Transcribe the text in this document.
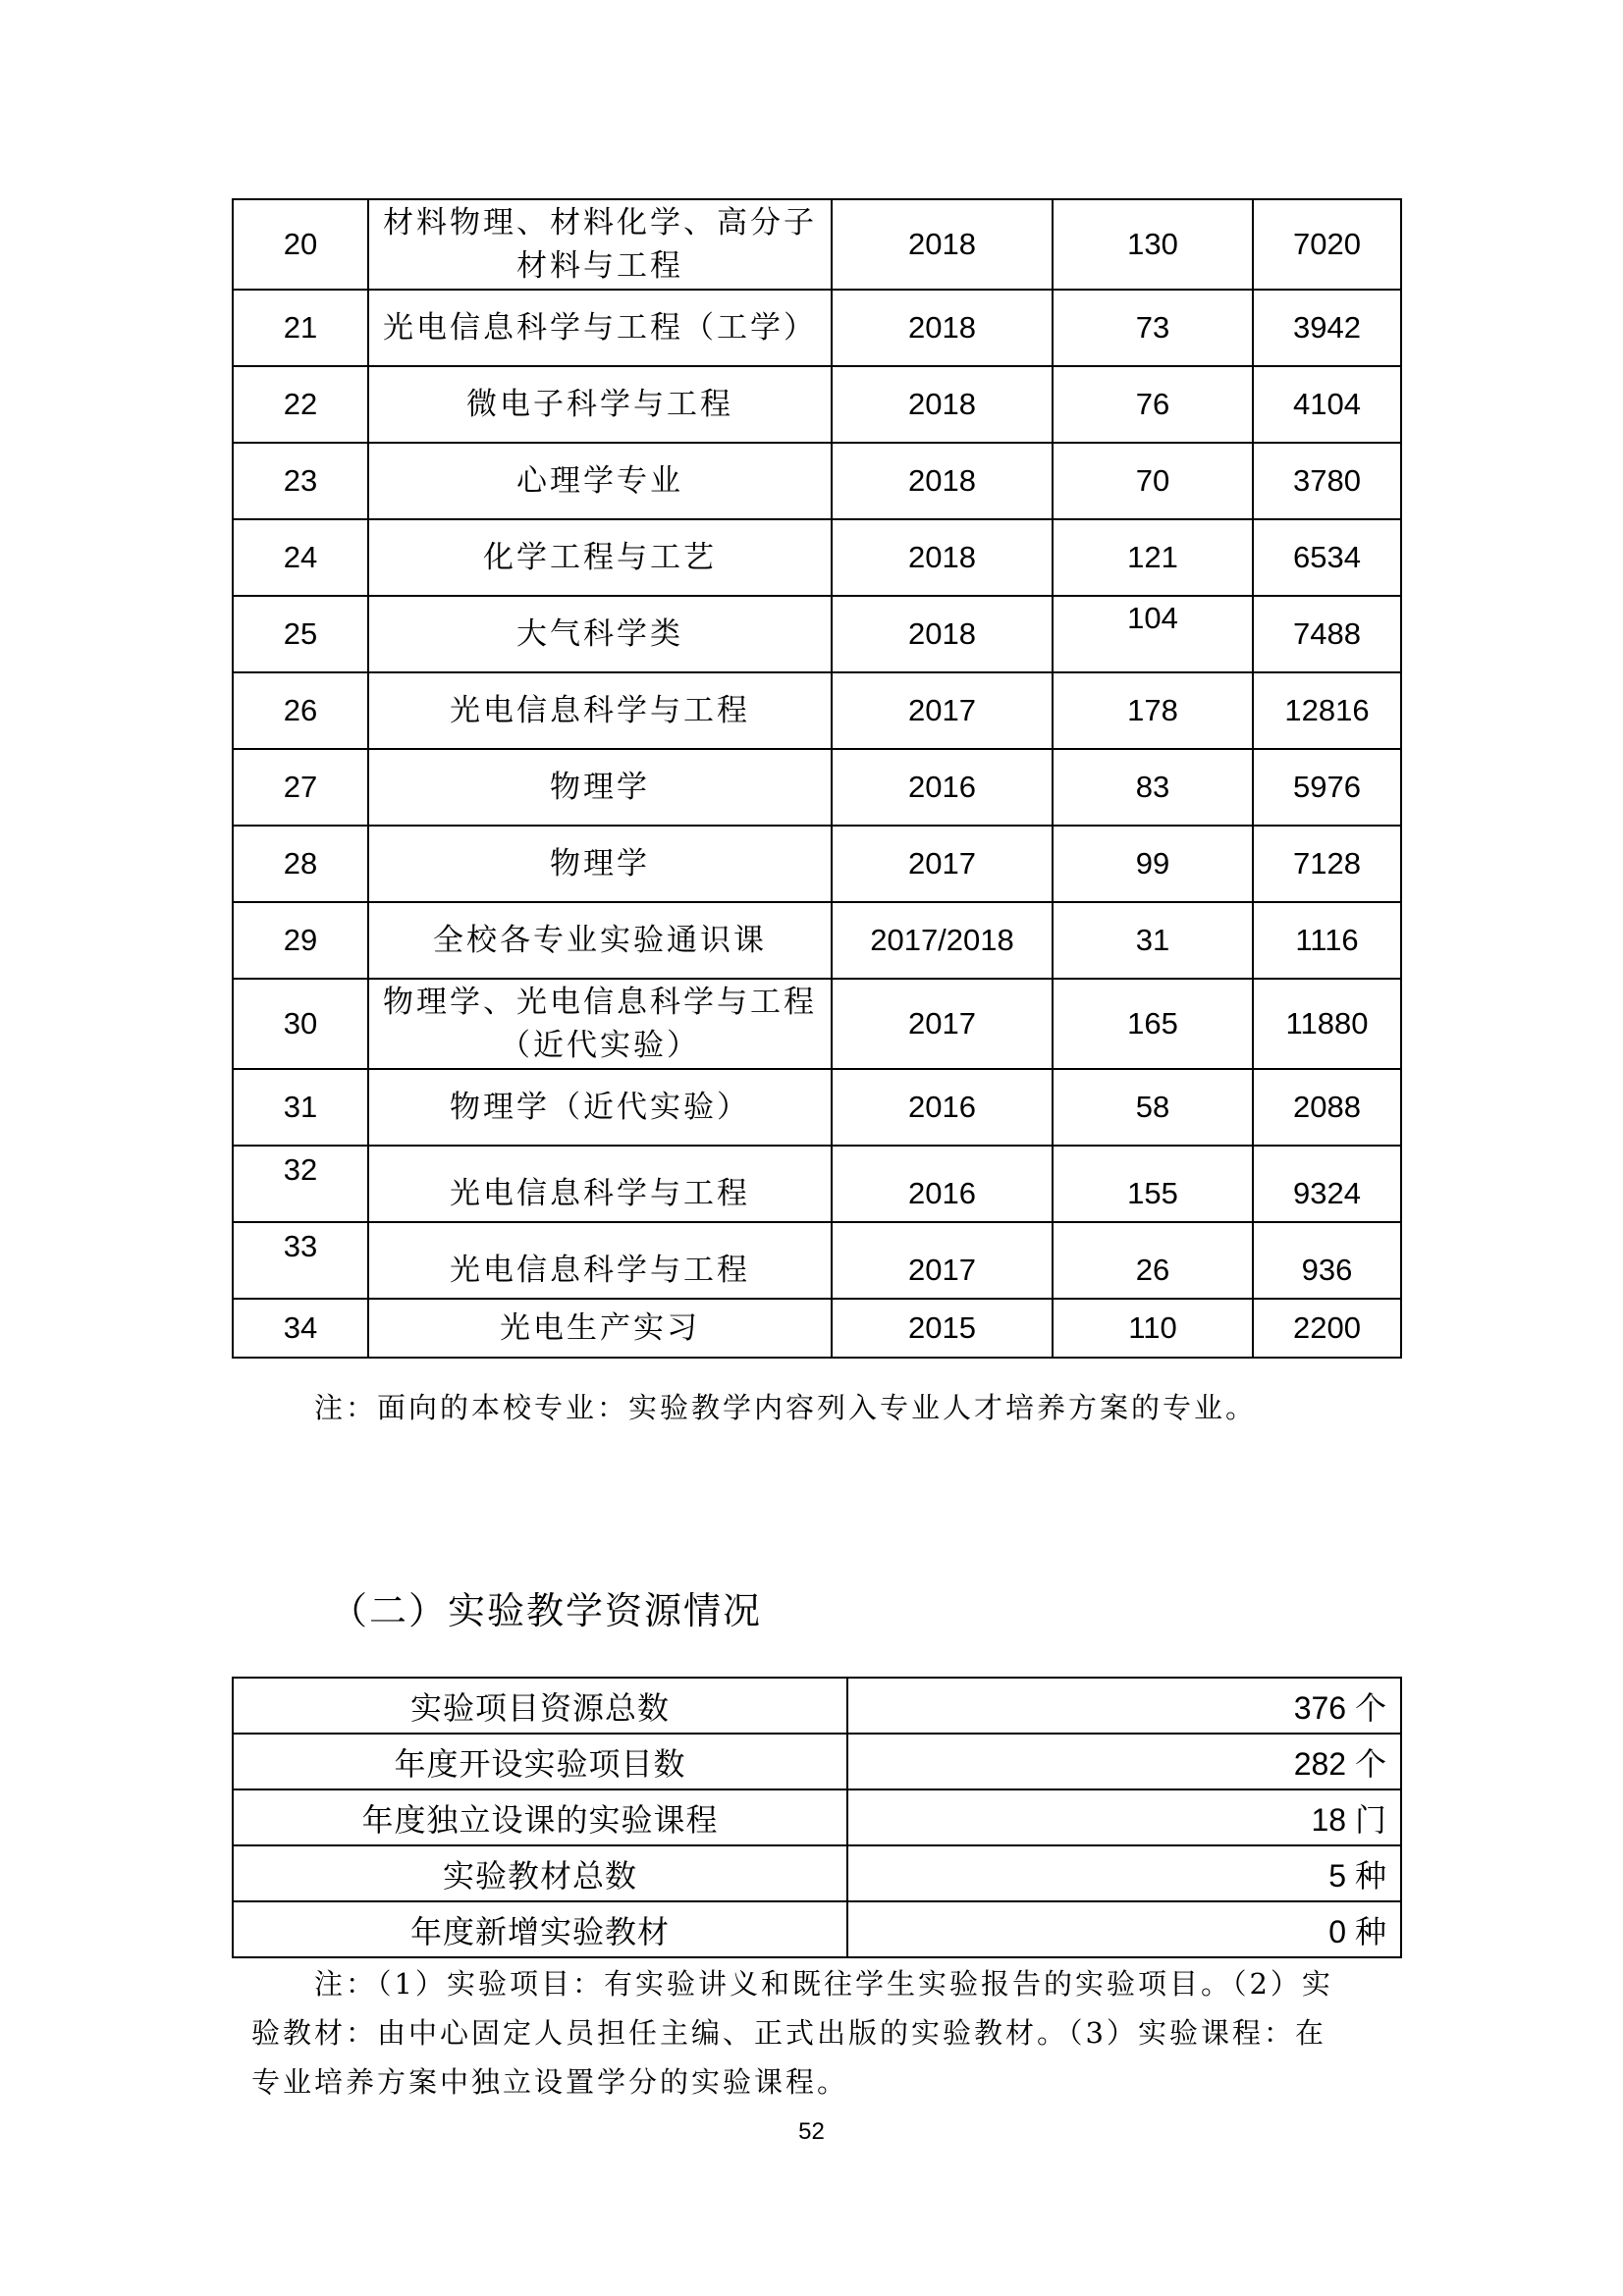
20	材料物理、材料化学、高分子
材料与工程	2018	130	7020
21	光电信息科学与工程（工学）	2018	73	3942
22	微电子科学与工程	2018	76	4104
23	心理学专业	2018	70	3780
24	化学工程与工艺	2018	121	6534
25	大气科学类	2018	104	7488
26	光电信息科学与工程	2017	178	12816
27	物理学	2016	83	5976
28	物理学	2017	99	7128
29	全校各专业实验通识课	2017/2018	31	1116
30	物理学、光电信息科学与工程
（近代实验）	2017	165	11880
31	物理学（近代实验）	2016	58	2088
32	光电信息科学与工程	2016	155	9324
33	光电信息科学与工程	2017	26	936
34	光电生产实习	2015	110	2200
注：面向的本校专业：实验教学内容列入专业人才培养方案的专业。
（二）实验教学资源情况
实验项目资源总数	376 个
年度开设实验项目数	282 个
年度独立设课的实验课程	18 门
实验教材总数	5 种
年度新增实验教材	0 种
注：（1）实验项目：有实验讲义和既往学生实验报告的实验项目。（2）实
验教材：由中心固定人员担任主编、正式出版的实验教材。（3）实验课程：在
专业培养方案中独立设置学分的实验课程。
52
